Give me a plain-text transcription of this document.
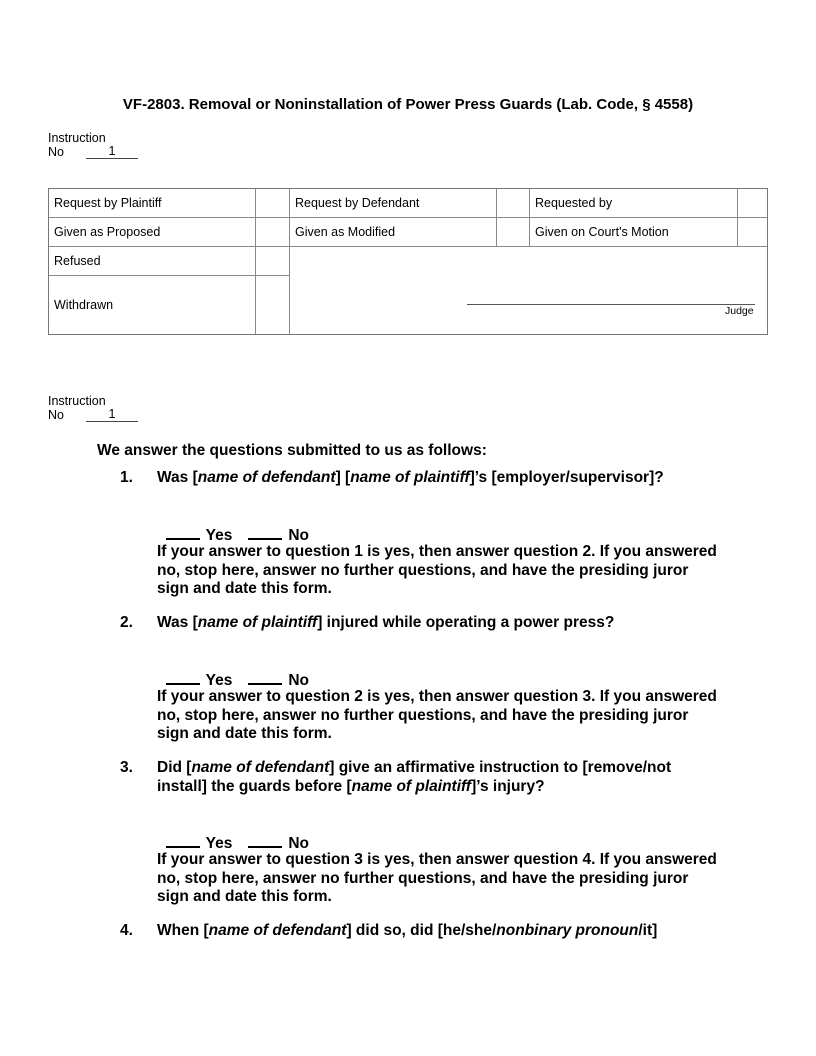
VF-2803. Removal or Noninstallation of Power Press Guards (Lab. Code, § 4558)
Instruction
No	1
Request by Plaintiff	Request by Defendant	Requested by
Given as Proposed	Given as Modified	Given on Court's Motion
Refused
Withdrawn	Judge
Instruction
No	1
We answer the questions submitted to us as follows:
1. Was [name of defendant] [name of plaintiff]’s [employer/supervisor]?

Yes	No

If your answer to question 1 is yes, then answer question 2. If you answered no, stop here, answer no further questions, and have the presiding juror sign and date this form.
2. Was [name of plaintiff] injured while operating a power press?

Yes	No

If your answer to question 2 is yes, then answer question 3. If you answered no, stop here, answer no further questions, and have the presiding juror sign and date this form.
3. Did [name of defendant] give an affirmative instruction to [remove/not install] the guards before [name of plaintiff]’s injury?

Yes	No

If your answer to question 3 is yes, then answer question 4. If you answered no, stop here, answer no further questions, and have the presiding juror sign and date this form.
4. When [name of defendant] did so, did [he/she/nonbinary pronoun/it]
